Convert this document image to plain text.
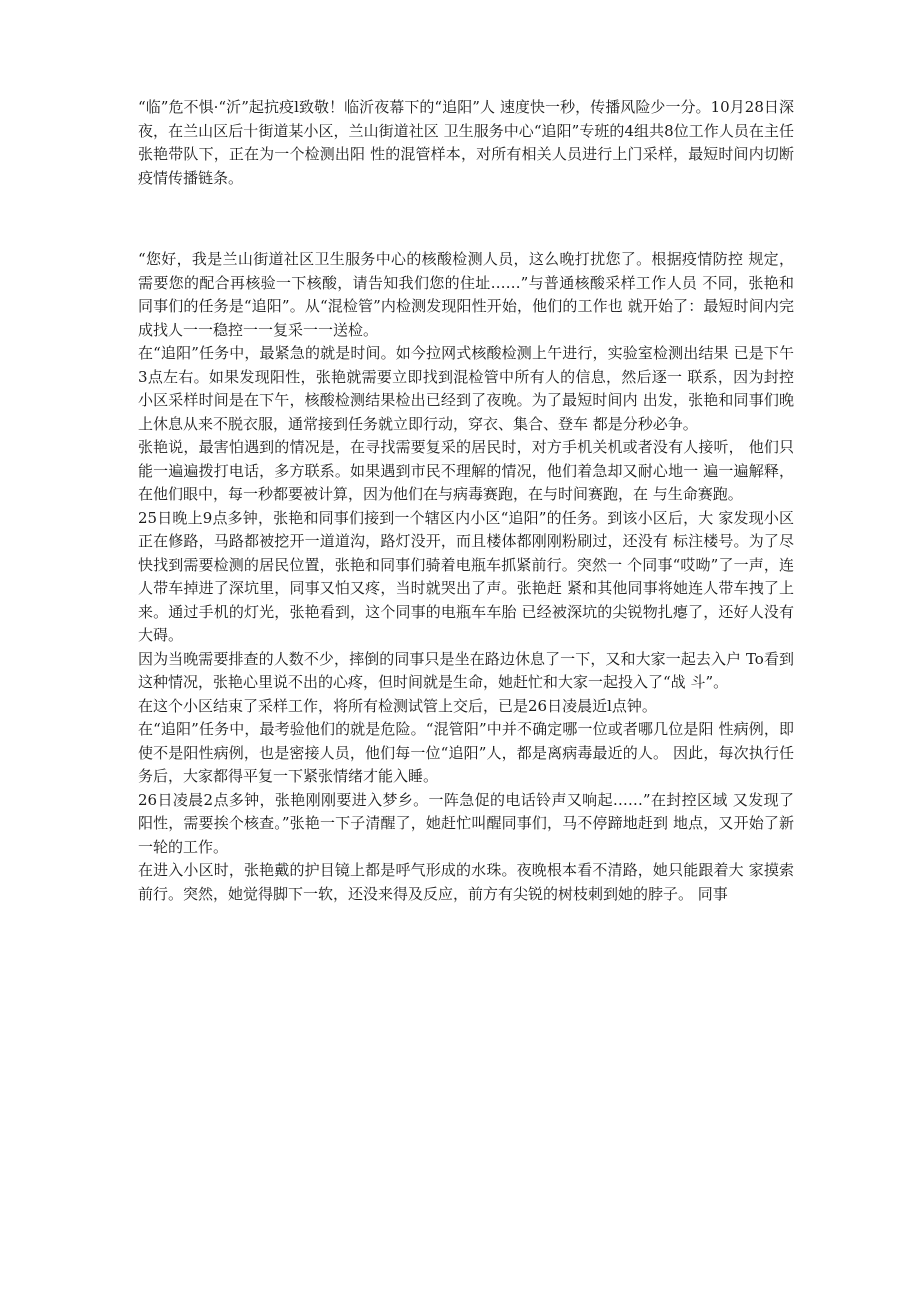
“临”危不惧·“沂”起抗疫l致敬！临沂夜幕下的“追阳”人 速度快一秒，传播风险少一分。10月28日深夜，在兰山区后十街道某小区，兰山街道社区 卫生服务中心“追阳”专班的4组共8位工作人员在主任张艳带队下，正在为一个检测出阳 性的混管样本，对所有相关人员进行上门采样，最短时间内切断疫情传播链条。

“您好，我是兰山街道社区卫生服务中心的核酸检测人员，这么晚打扰您了。根据疫情防控 规定，需要您的配合再核验一下核酸，请告知我们您的住址……”与普通核酸采样工作人员 不同，张艳和同事们的任务是“追阳”。从“混检管”内检测发现阳性开始，他们的工作也 就开始了：最短时间内完成找人一一稳控一一复采一一送检。

在“追阳”任务中，最紧急的就是时间。如今拉网式核酸检测上午进行，实验室检测出结果 已是下午3点左右。如果发现阳性，张艳就需要立即找到混检管中所有人的信息，然后逐一 联系，因为封控小区采样时间是在下午，核酸检测结果检出已经到了夜晚。为了最短时间内 出发，张艳和同事们晚上休息从来不脱衣服，通常接到任务就立即行动，穿衣、集合、登车 都是分秒必争。

张艳说，最害怕遇到的情况是，在寻找需要复采的居民时，对方手机关机或者没有人接听， 他们只能一遍遍拨打电话，多方联系。如果遇到市民不理解的情况，他们着急却又耐心地一 遍一遍解释，在他们眼中，每一秒都要被计算，因为他们在与病毒赛跑，在与时间赛跑，在 与生命赛跑。

25日晚上9点多钟，张艳和同事们接到一个辖区内小区“追阳”的任务。到该小区后，大 家发现小区正在修路，马路都被挖开一道道沟，路灯没开，而且楼体都刚刚粉刷过，还没有 标注楼号。为了尽快找到需要检测的居民位置，张艳和同事们骑着电瓶车抓紧前行。突然一 个同事“哎呦”了一声，连人带车掉进了深坑里，同事又怕又疼，当时就哭出了声。张艳赶 紧和其他同事将她连人带车拽了上来。通过手机的灯光，张艳看到，这个同事的电瓶车车胎 已经被深坑的尖锐物扎瘪了，还好人没有大碍。

因为当晚需要排查的人数不少，摔倒的同事只是坐在路边休息了一下，又和大家一起去入户 To看到这种情况，张艳心里说不出的心疼，但时间就是生命，她赶忙和大家一起投入了“战 斗”。

在这个小区结束了采样工作，将所有检测试管上交后，已是26日凌晨近l点钟。

在“追阳”任务中，最考验他们的就是危险。“混管阳”中并不确定哪一位或者哪几位是阳 性病例，即使不是阳性病例，也是密接人员，他们每一位“追阳”人，都是离病毒最近的人。 因此，每次执行任务后，大家都得平复一下紧张情绪才能入睡。

26日凌晨2点多钟，张艳刚刚要进入梦乡。一阵急促的电话铃声又响起……”在封控区域 又发现了阳性，需要挨个核查。”张艳一下子清醒了，她赶忙叫醒同事们，马不停蹄地赶到 地点，又开始了新一轮的工作。

在进入小区时，张艳戴的护目镜上都是呼气形成的水珠。夜晚根本看不清路，她只能跟着大 家摸索前行。突然，她觉得脚下一软，还没来得及反应，前方有尖锐的树枝刺到她的脖子。 同事
